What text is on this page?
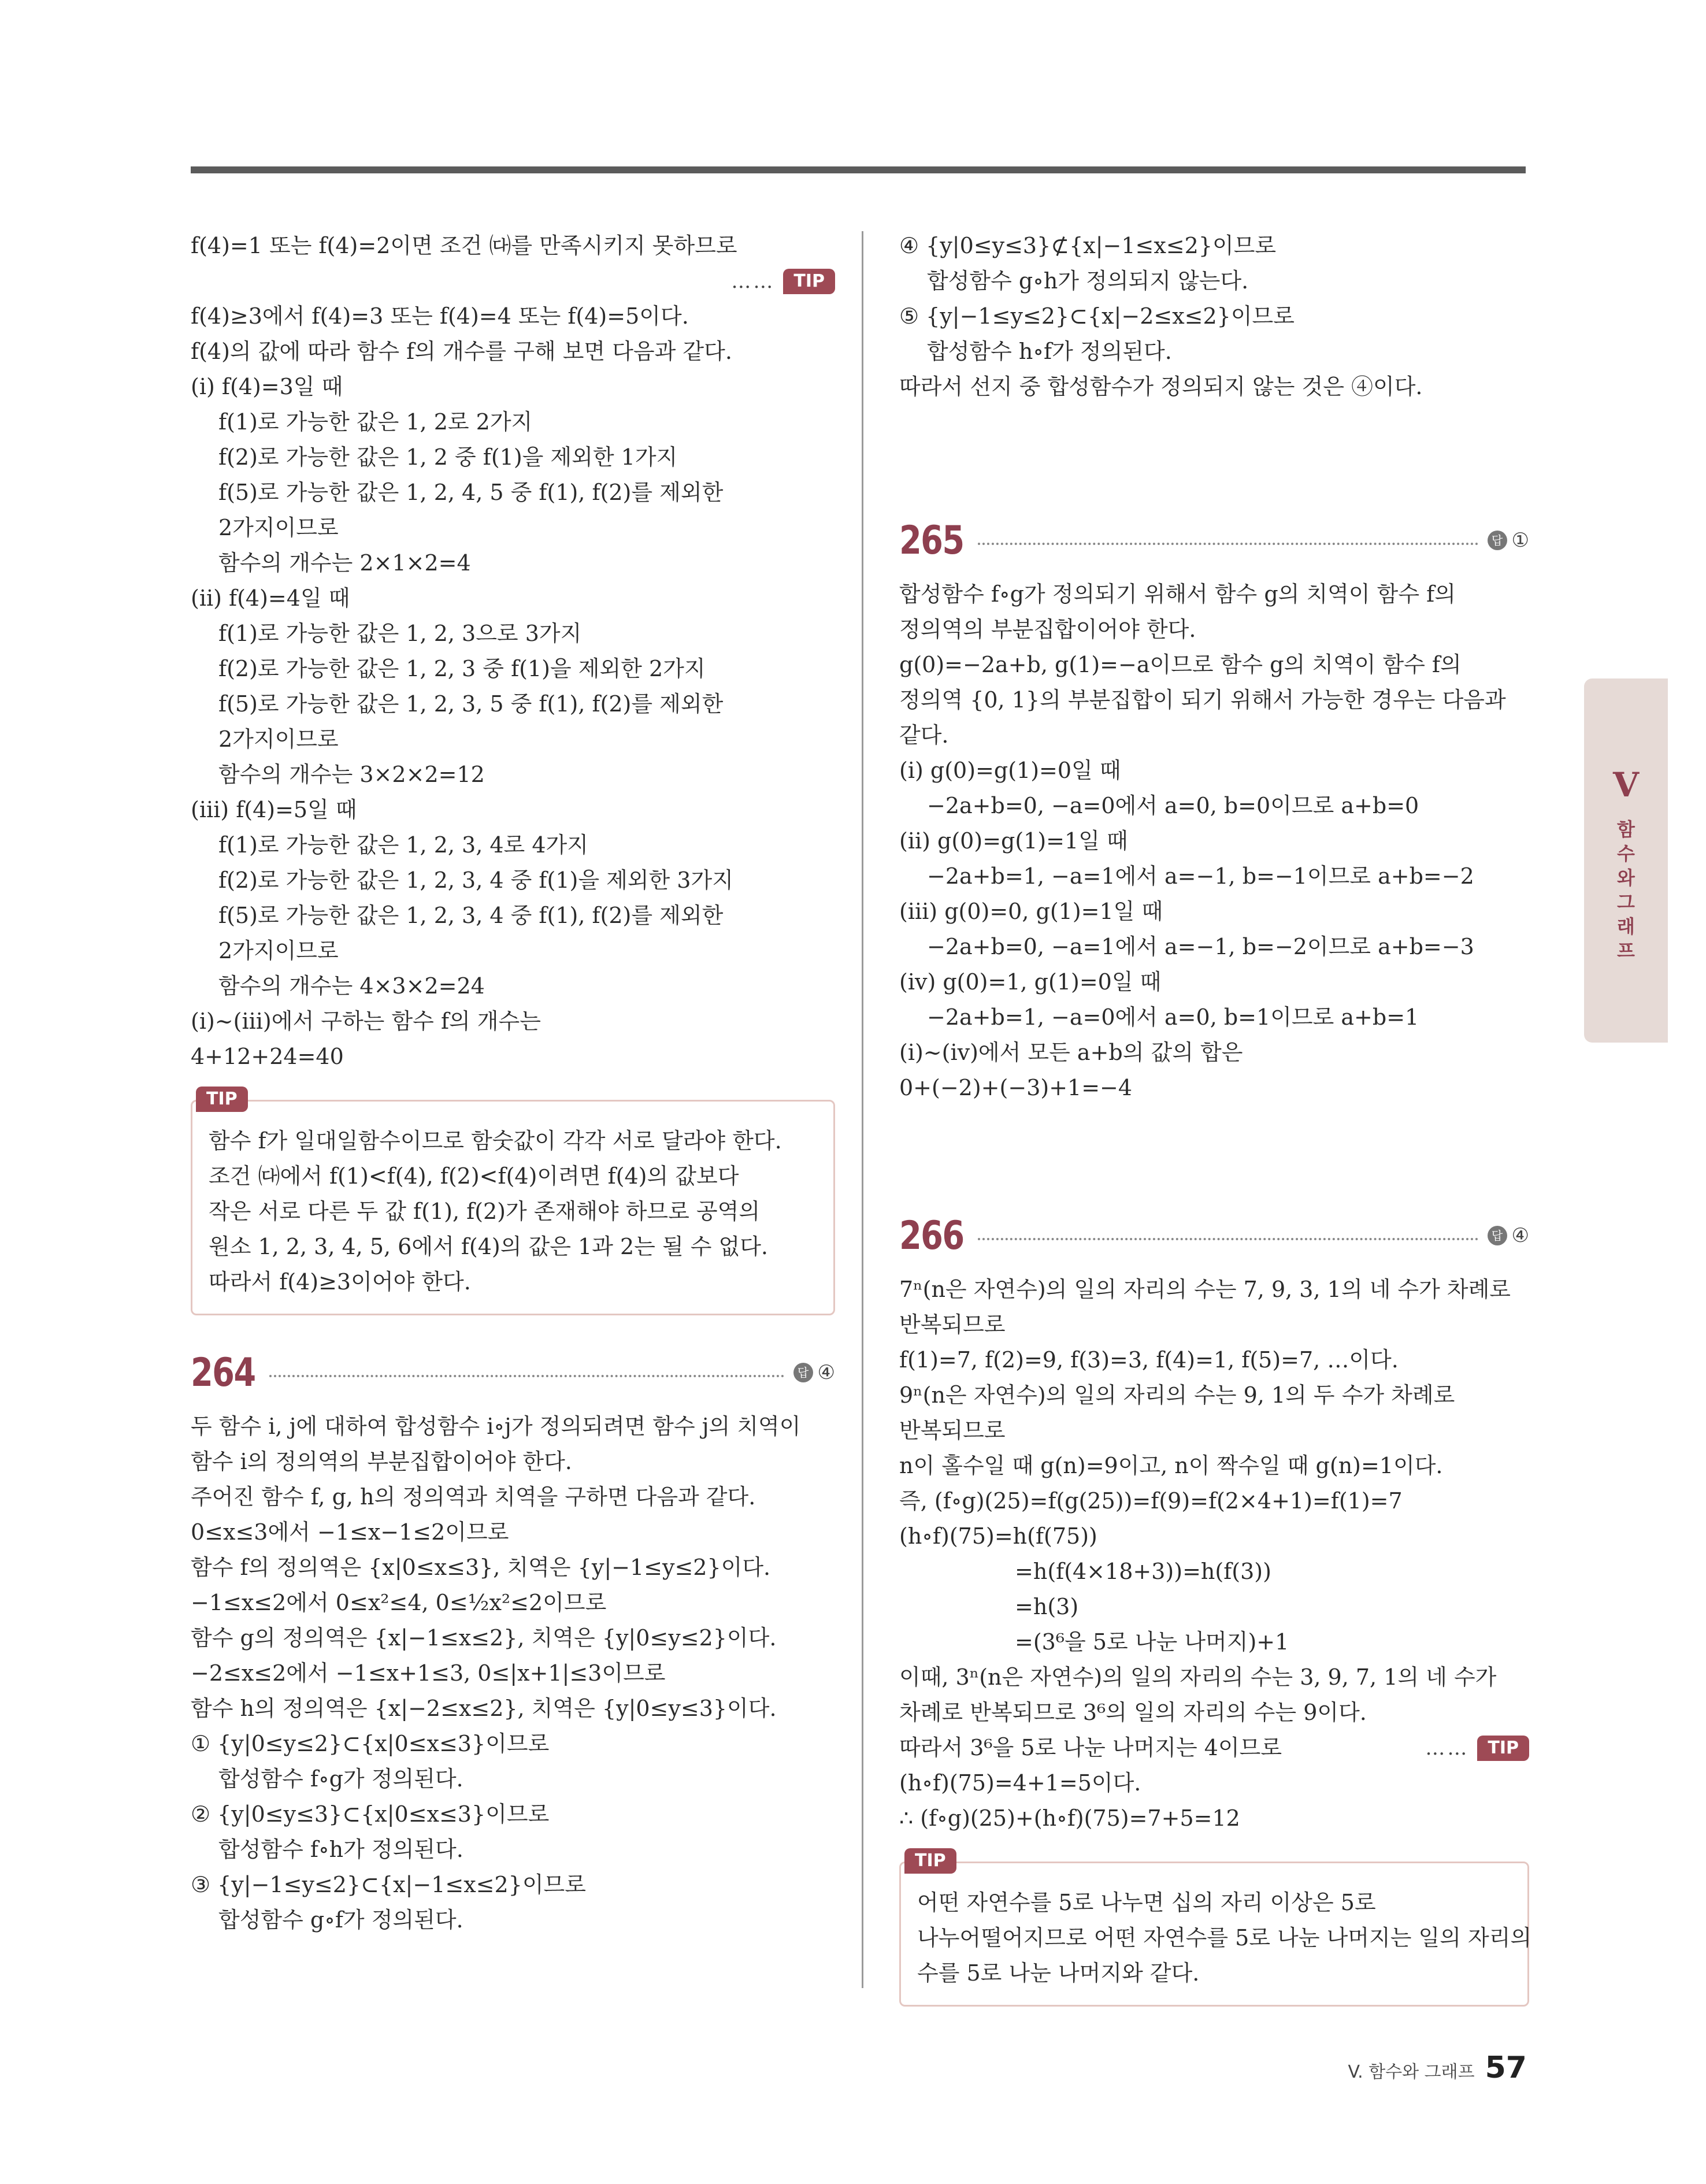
f(4)=1 또는 f(4)=2이면 조건 ㈐를 만족시키지 못하므로
……	TIP
f(4)≥3에서 f(4)=3 또는 f(4)=4 또는 f(4)=5이다.
f(4)의 값에 따라 함수 f의 개수를 구해 보면 다음과 같다.
(ⅰ) f(4)=3일 때
f(1)로 가능한 값은 1, 2로 2가지
f(2)로 가능한 값은 1, 2 중 f(1)을 제외한 1가지
f(5)로 가능한 값은 1, 2, 4, 5 중 f(1), f(2)를 제외한
2가지이므로
함수의 개수는 2×1×2=4
(ⅱ) f(4)=4일 때
f(1)로 가능한 값은 1, 2, 3으로 3가지
f(2)로 가능한 값은 1, 2, 3 중 f(1)을 제외한 2가지
f(5)로 가능한 값은 1, 2, 3, 5 중 f(1), f(2)를 제외한
2가지이므로
함수의 개수는 3×2×2=12
(ⅲ) f(4)=5일 때
f(1)로 가능한 값은 1, 2, 3, 4로 4가지
f(2)로 가능한 값은 1, 2, 3, 4 중 f(1)을 제외한 3가지
f(5)로 가능한 값은 1, 2, 3, 4 중 f(1), f(2)를 제외한
2가지이므로
함수의 개수는 4×3×2=24
(ⅰ)~(ⅲ)에서 구하는 함수 f의 개수는
4+12+24=40
TIP
함수 f가 일대일함수이므로 함숫값이 각각 서로 달라야 한다.
조건 ㈐에서 f(1)<f(4), f(2)<f(4)이려면 f(4)의 값보다
작은 서로 다른 두 값 f(1), f(2)가 존재해야 하므로 공역의
원소 1, 2, 3, 4, 5, 6에서 f(4)의 값은 1과 2는 될 수 없다.
따라서 f(4)≥3이어야 한다.
264	답 ④
두 함수 i, j에 대하여 합성함수 i∘j가 정의되려면 함수 j의 치역이
함수 i의 정의역의 부분집합이어야 한다.
주어진 함수 f, g, h의 정의역과 치역을 구하면 다음과 같다.
0≤x≤3에서 −1≤x−1≤2이므로
함수 f의 정의역은 {x|0≤x≤3}, 치역은 {y|−1≤y≤2}이다.
−1≤x≤2에서 0≤x²≤4, 0≤½x²≤2이므로
함수 g의 정의역은 {x|−1≤x≤2}, 치역은 {y|0≤y≤2}이다.
−2≤x≤2에서 −1≤x+1≤3, 0≤|x+1|≤3이므로
함수 h의 정의역은 {x|−2≤x≤2}, 치역은 {y|0≤y≤3}이다.
① {y|0≤y≤2}⊂{x|0≤x≤3}이므로
합성함수 f∘g가 정의된다.
② {y|0≤y≤3}⊂{x|0≤x≤3}이므로
합성함수 f∘h가 정의된다.
③ {y|−1≤y≤2}⊂{x|−1≤x≤2}이므로
합성함수 g∘f가 정의된다.
④ {y|0≤y≤3}⊄{x|−1≤x≤2}이므로
합성함수 g∘h가 정의되지 않는다.
⑤ {y|−1≤y≤2}⊂{x|−2≤x≤2}이므로
합성함수 h∘f가 정의된다.
따라서 선지 중 합성함수가 정의되지 않는 것은 ④이다.
265	답 ①
합성함수 f∘g가 정의되기 위해서 함수 g의 치역이 함수 f의
정의역의 부분집합이어야 한다.
g(0)=−2a+b, g(1)=−a이므로 함수 g의 치역이 함수 f의
정의역 {0, 1}의 부분집합이 되기 위해서 가능한 경우는 다음과
같다.
(ⅰ) g(0)=g(1)=0일 때
−2a+b=0, −a=0에서 a=0, b=0이므로 a+b=0
(ⅱ) g(0)=g(1)=1일 때
−2a+b=1, −a=1에서 a=−1, b=−1이므로 a+b=−2
(ⅲ) g(0)=0, g(1)=1일 때
−2a+b=0, −a=1에서 a=−1, b=−2이므로 a+b=−3
(ⅳ) g(0)=1, g(1)=0일 때
−2a+b=1, −a=0에서 a=0, b=1이므로 a+b=1
(ⅰ)~(ⅳ)에서 모든 a+b의 값의 합은
0+(−2)+(−3)+1=−4
266	답 ④
7ⁿ(n은 자연수)의 일의 자리의 수는 7, 9, 3, 1의 네 수가 차례로
반복되므로
f(1)=7, f(2)=9, f(3)=3, f(4)=1, f(5)=7, …이다.
9ⁿ(n은 자연수)의 일의 자리의 수는 9, 1의 두 수가 차례로
반복되므로
n이 홀수일 때 g(n)=9이고, n이 짝수일 때 g(n)=1이다.
즉, (f∘g)(25)=f(g(25))=f(9)=f(2×4+1)=f(1)=7
(h∘f)(75)=h(f(75))
=h(f(4×18+3))=h(f(3))
=h(3)
=(3⁶을 5로 나눈 나머지)+1
이때, 3ⁿ(n은 자연수)의 일의 자리의 수는 3, 9, 7, 1의 네 수가
차례로 반복되므로 3⁶의 일의 자리의 수는 9이다.
따라서 3⁶을 5로 나눈 나머지는 4이므로	……	TIP
(h∘f)(75)=4+1=5이다.
∴ (f∘g)(25)+(h∘f)(75)=7+5=12
TIP
어떤 자연수를 5로 나누면 십의 자리 이상은 5로
나누어떨어지므로 어떤 자연수를 5로 나눈 나머지는 일의 자리의
수를 5로 나눈 나머지와 같다.
V
함
수
와
그
래
프
V. 함수와 그래프 57
